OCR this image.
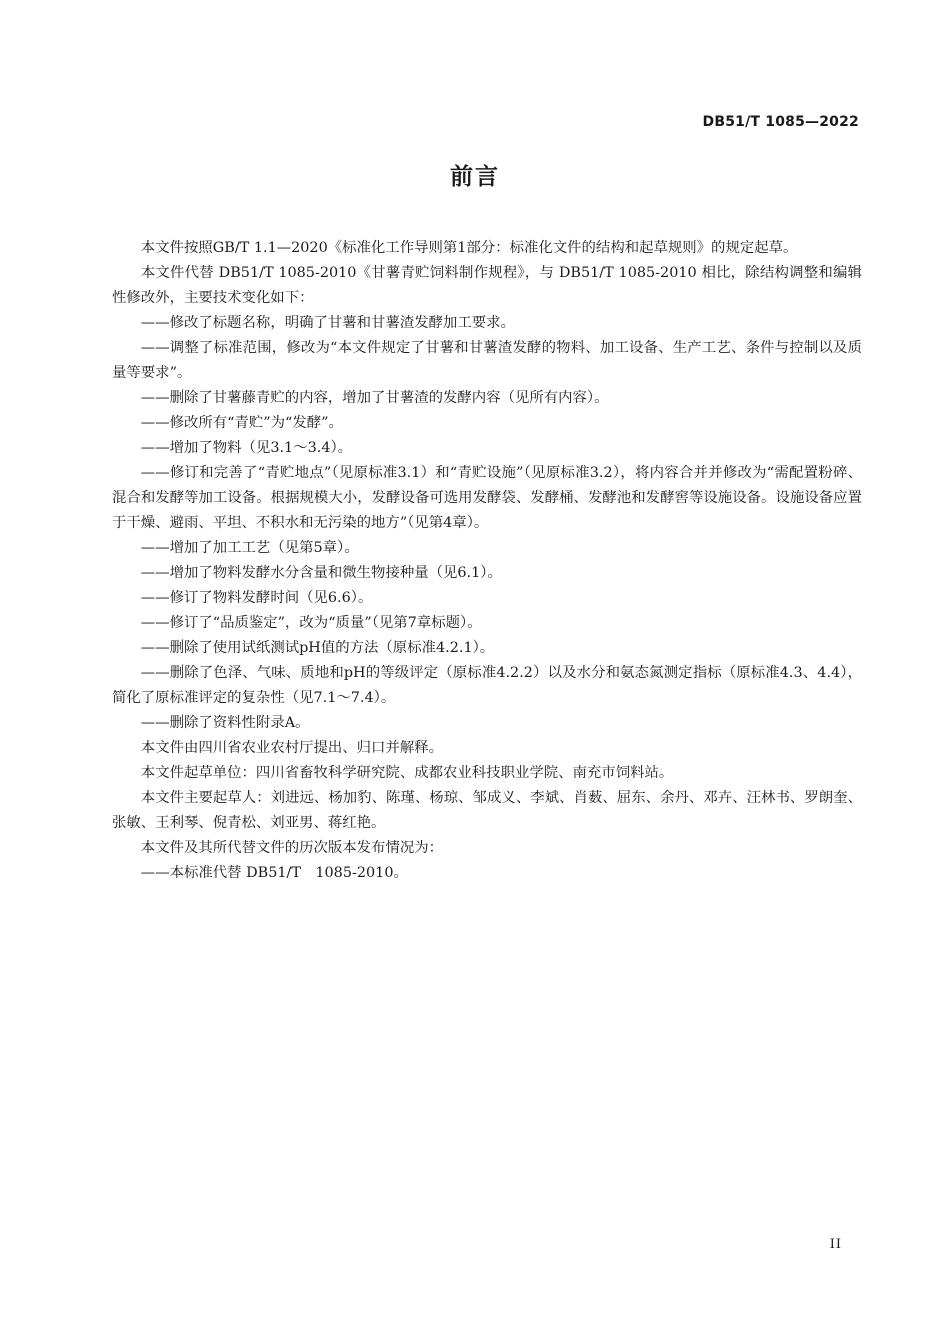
DB51/T 1085—2022
前言

本文件按照GB/T 1.1—2020《标准化工作导则第1部分：标准化文件的结构和起草规则》的规定起草。

本文件代替 DB51/T 1085-2010《甘薯青贮饲料制作规程》，与 DB51/T 1085-2010 相比，除结构调整和编辑性修改外，主要技术变化如下：

——修改了标题名称，明确了甘薯和甘薯渣发酵加工要求。

——调整了标准范围，修改为“本文件规定了甘薯和甘薯渣发酵的物料、加工设备、生产工艺、条件与控制以及质量等要求”。

——删除了甘薯藤青贮的内容，增加了甘薯渣的发酵内容（见所有内容）。

——修改所有“青贮”为“发酵”。

——增加了物料（见3.1～3.4）。

——修订和完善了“青贮地点”（见原标准3.1）和“青贮设施”（见原标准3.2），将内容合并并修改为“需配置粉碎、混合和发酵等加工设备。根据规模大小，发酵设备可选用发酵袋、发酵桶、发酵池和发酵窖等设施设备。设施设备应置于干燥、避雨、平坦、不积水和无污染的地方”（见第4章）。

——增加了加工工艺（见第5章）。

——增加了物料发酵水分含量和微生物接种量（见6.1）。

——修订了物料发酵时间（见6.6）。

——修订了“品质鉴定”，改为“质量”（见第7章标题）。

——删除了使用试纸测试pH值的方法（原标准4.2.1）。

——删除了色泽、气味、质地和pH的等级评定（原标准4.2.2）以及水分和氨态氮测定指标（原标准4.3、4.4），简化了原标准评定的复杂性（见7.1～7.4）。

——删除了资料性附录A。

本文件由四川省农业农村厅提出、归口并解释。

本文件起草单位：四川省畜牧科学研究院、成都农业科技职业学院、南充市饲料站。

本文件主要起草人：刘进远、杨加豹、陈瑾、杨琼、邹成义、李斌、肖薮、屈东、余丹、邓卉、汪林书、罗朗奎、张敏、王利琴、倪青松、刘亚男、蒋红艳。

本文件及其所代替文件的历次版本发布情况为：

——本标准代替 DB51/T　1085-2010。

II
